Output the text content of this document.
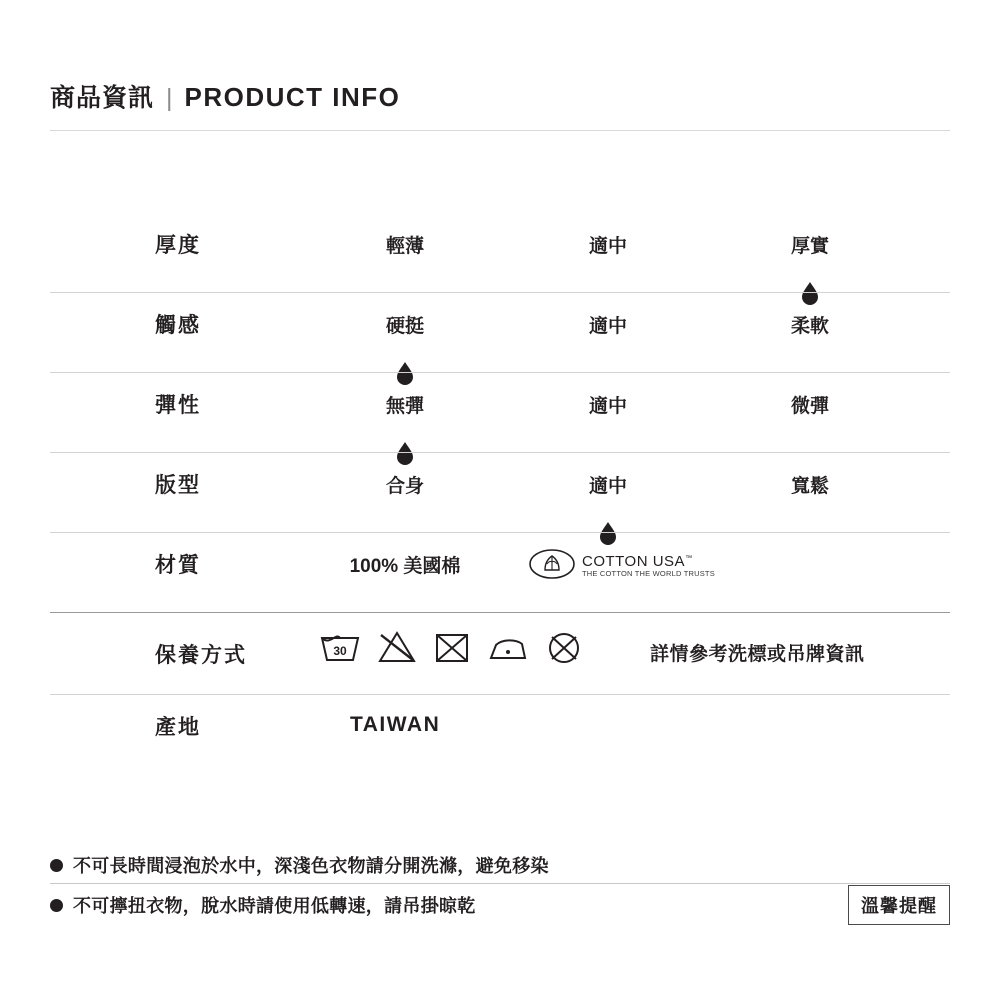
商品資訊 | PRODUCT INFO
厚度	輕薄	適中	厚實
觸感	硬挺	適中	柔軟
彈性	無彈	適中	微彈
版型	合身	適中	寬鬆
材質	100% 美國棉	COTTON USA™
THE COTTON THE WORLD TRUSTS
保養方式	30	詳情參考洗標或吊牌資訊
產地	TAIWAN
不可長時間浸泡於水中，深淺色衣物請分開洗滌，避免移染
不可擰扭衣物，脫水時請使用低轉速，請吊掛晾乾	溫馨提醒
